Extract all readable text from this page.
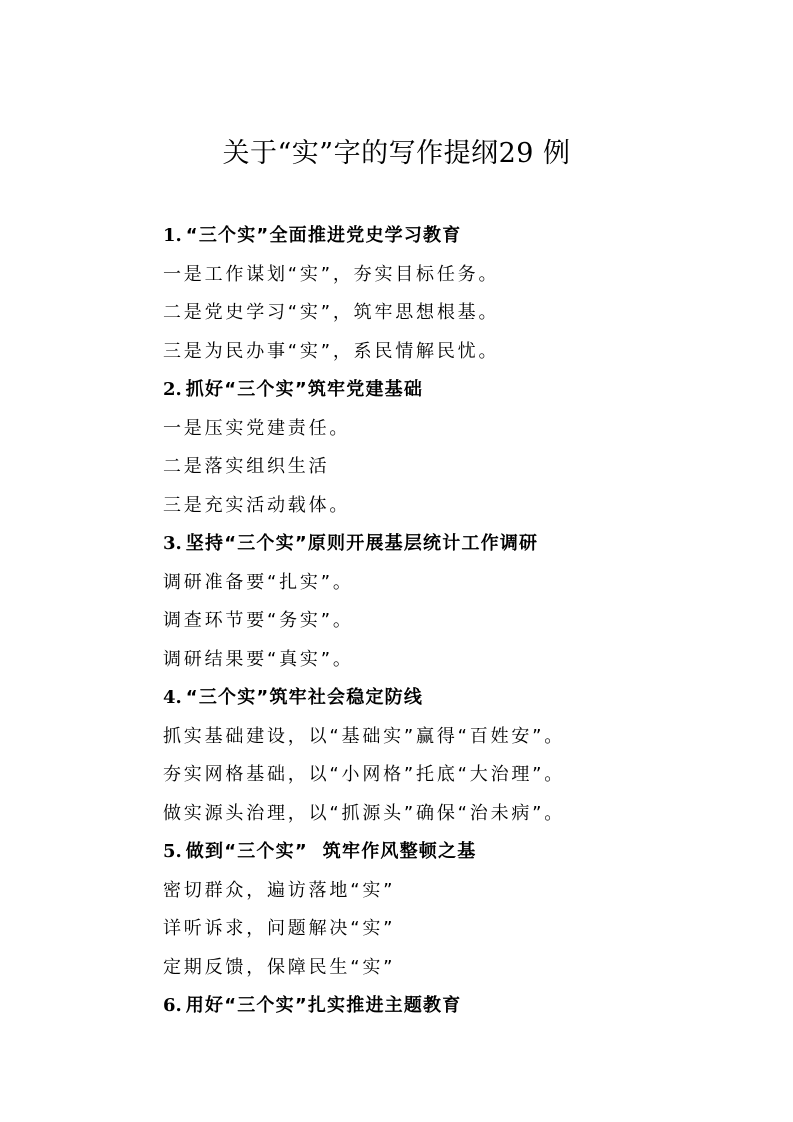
关于“实”字的写作提纲29 例
1. “三个实”全面推进党史学习教育
一是工作谋划“实”，夯实目标任务。
二是党史学习“实”，筑牢思想根基。
三是为民办事“实”，系民情解民忧。
2. 抓好“三个实”筑牢党建基础
一是压实党建责任。
二是落实组织生活
三是充实活动载体。
3. 坚持“三个实”原则开展基层统计工作调研
调研准备要“扎实”。
调查环节要“务实”。
调研结果要“真实”。
4. “三个实”筑牢社会稳定防线
抓实基础建设，以“基础实”赢得“百姓安”。
夯实网格基础，以“小网格”托底“大治理”。
做实源头治理，以“抓源头”确保“治未病”。
5. 做到“三个实”  筑牢作风整顿之基
密切群众，遍访落地“实”
详听诉求，问题解决“实”
定期反馈，保障民生“实”
6. 用好“三个实”扎实推进主题教育
